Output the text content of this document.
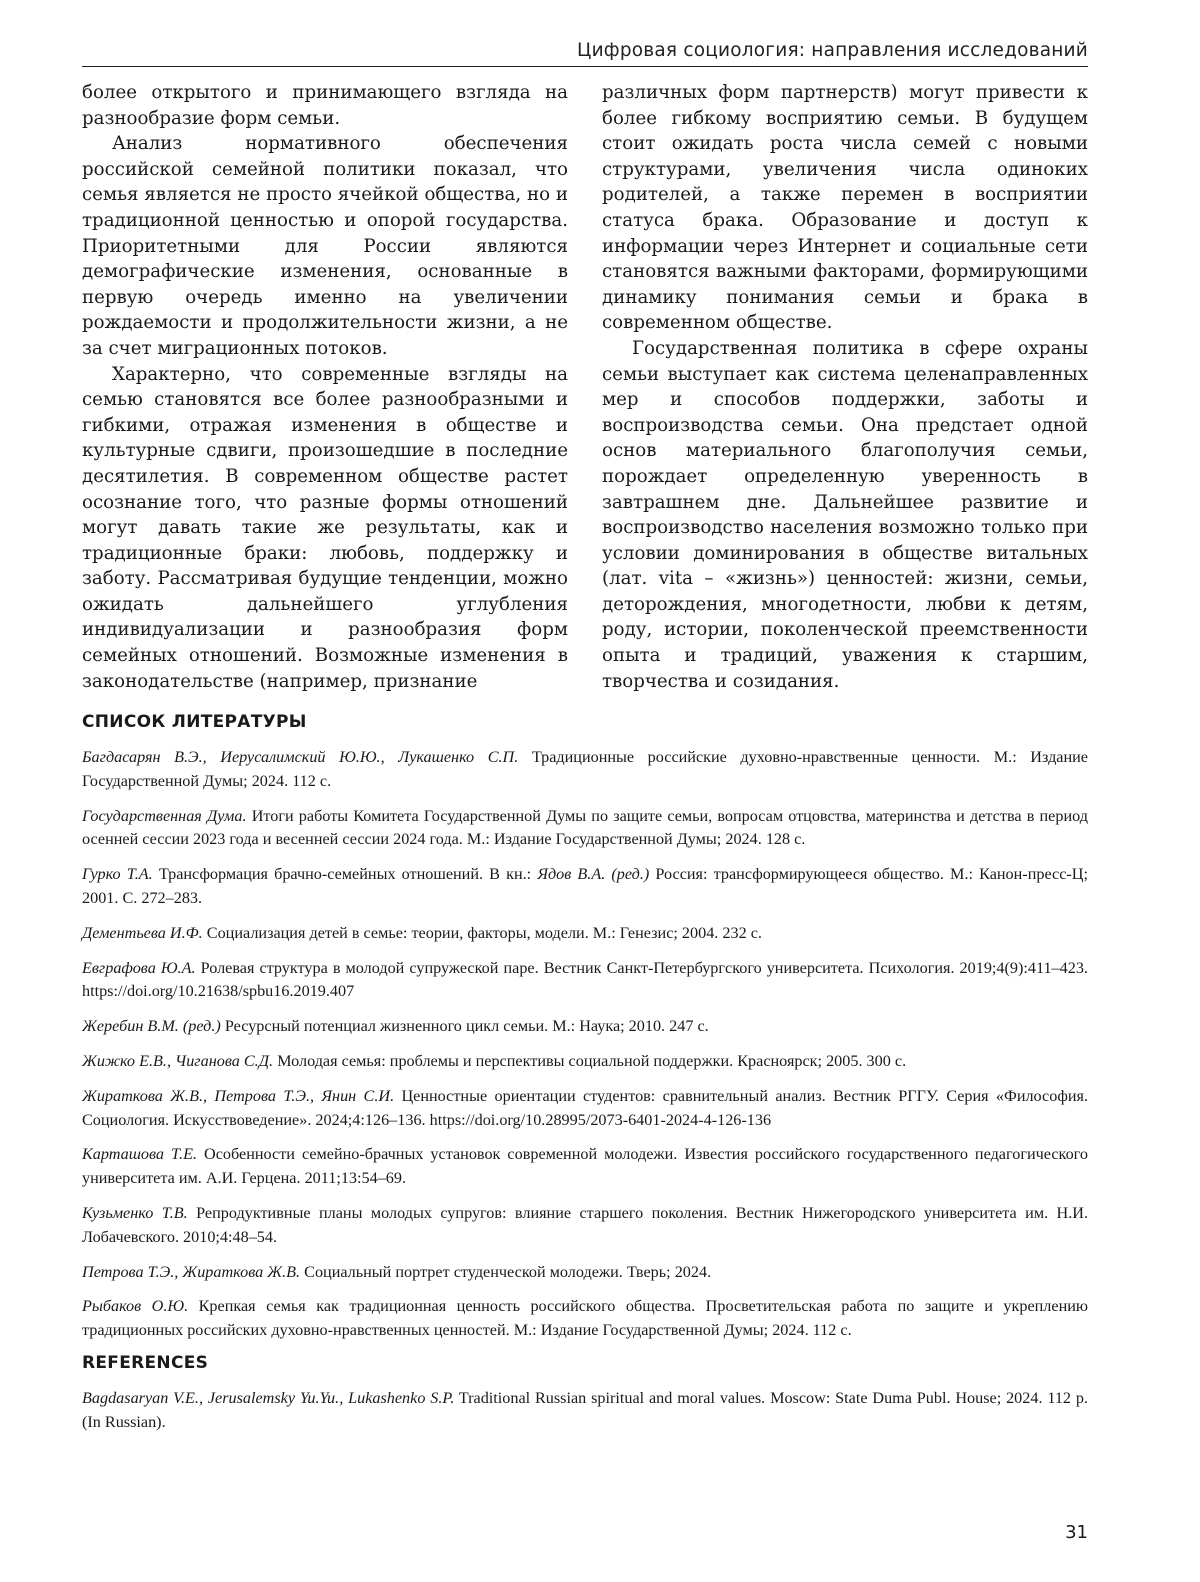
Цифровая социология: направления исследований

более открытого и принимающего взгляда на разнообразие форм семьи.

Анализ нормативного обеспечения российской семейной политики показал, что семья является не просто ячейкой общества, но и традиционной ценностью и опорой государства. Приоритетными для России являются демографические изменения, основанные в первую очередь именно на увеличении рождаемости и продолжительности жизни, а не за счет миграционных потоков.

Характерно, что современные взгляды на семью становятся все более разнообразными и гибкими, отражая изменения в обществе и культурные сдвиги, произошедшие в последние десятилетия. В современном обществе растет осознание того, что разные формы отношений могут давать такие же результаты, как и традиционные браки: любовь, поддержку и заботу. Рассматривая будущие тенденции, можно ожидать дальнейшего углубления индивидуализации и разнообразия форм семейных отношений. Возможные изменения в законодательстве (например, признание

различных форм партнерств) могут привести к более гибкому восприятию семьи. В будущем стоит ожидать роста числа семей с новыми структурами, увеличения числа одиноких родителей, а также перемен в восприятии статуса брака. Образование и доступ к информации через Интернет и социальные сети становятся важными факторами, формирующими динамику понимания семьи и брака в современном обществе.

Государственная политика в сфере охраны семьи выступает как система целенаправленных мер и способов поддержки, заботы и воспроизводства семьи. Она предстает одной основ материального благополучия семьи, порождает определенную уверенность в завтрашнем дне. Дальнейшее развитие и воспроизводство населения возможно только при условии доминирования в обществе витальных (лат. vita – «жизнь») ценностей: жизни, семьи, деторождения, многодетности, любви к детям, роду, истории, поколенческой преемственности опыта и традиций, уважения к старшим, творчества и созидания.

СПИСОК ЛИТЕРАТУРЫ

Багдасарян В.Э., Иерусалимский Ю.Ю., Лукашенко С.П. Традиционные российские духовно-нравственные ценности. М.: Издание Государственной Думы; 2024. 112 с.

Государственная Дума. Итоги работы Комитета Государственной Думы по защите семьи, вопросам отцовства, материнства и детства в период осенней сессии 2023 года и весенней сессии 2024 года. М.: Издание Государственной Думы; 2024. 128 с.

Гурко Т.А. Трансформация брачно-семейных отношений. В кн.: Ядов В.А. (ред.) Россия: трансформирующееся общество. М.: Канон-пресс-Ц; 2001. С. 272–283.

Дементьева И.Ф. Социализация детей в семье: теории, факторы, модели. М.: Генезис; 2004. 232 с.

Евграфова Ю.А. Ролевая структура в молодой супружеской паре. Вестник Санкт-Петербургского университета. Психология. 2019;4(9):411–423. https://doi.org/10.21638/spbu16.2019.407

Жеребин В.М. (ред.) Ресурсный потенциал жизненного цикл семьи. М.: Наука; 2010. 247 с.

Жижко Е.В., Чиганова С.Д. Молодая семья: проблемы и перспективы социальной поддержки. Красноярск; 2005. 300 с.

Жираткова Ж.В., Петрова Т.Э., Янин С.И. Ценностные ориентации студентов: сравнительный анализ. Вестник РГГУ. Серия «Философия. Социология. Искусствоведение». 2024;4:126–136. https://doi.org/10.28995/2073-6401-2024-4-126-136

Карташова Т.Е. Особенности семейно-брачных установок современной молодежи. Известия российского государственного педагогического университета им. А.И. Герцена. 2011;13:54–69.

Кузьменко Т.В. Репродуктивные планы молодых супругов: влияние старшего поколения. Вестник Нижегородского университета им. Н.И. Лобачевского. 2010;4:48–54.

Петрова Т.Э., Жираткова Ж.В. Социальный портрет студенческой молодежи. Тверь; 2024.

Рыбаков О.Ю. Крепкая семья как традиционная ценность российского общества. Просветительская работа по защите и укреплению традиционных российских духовно-нравственных ценностей. М.: Издание Государственной Думы; 2024. 112 с.

REFERENCES

Bagdasaryan V.E., Jerusalemsky Yu.Yu., Lukashenko S.P. Traditional Russian spiritual and moral values. Moscow: State Duma Publ. House; 2024. 112 p. (In Russian).

31
